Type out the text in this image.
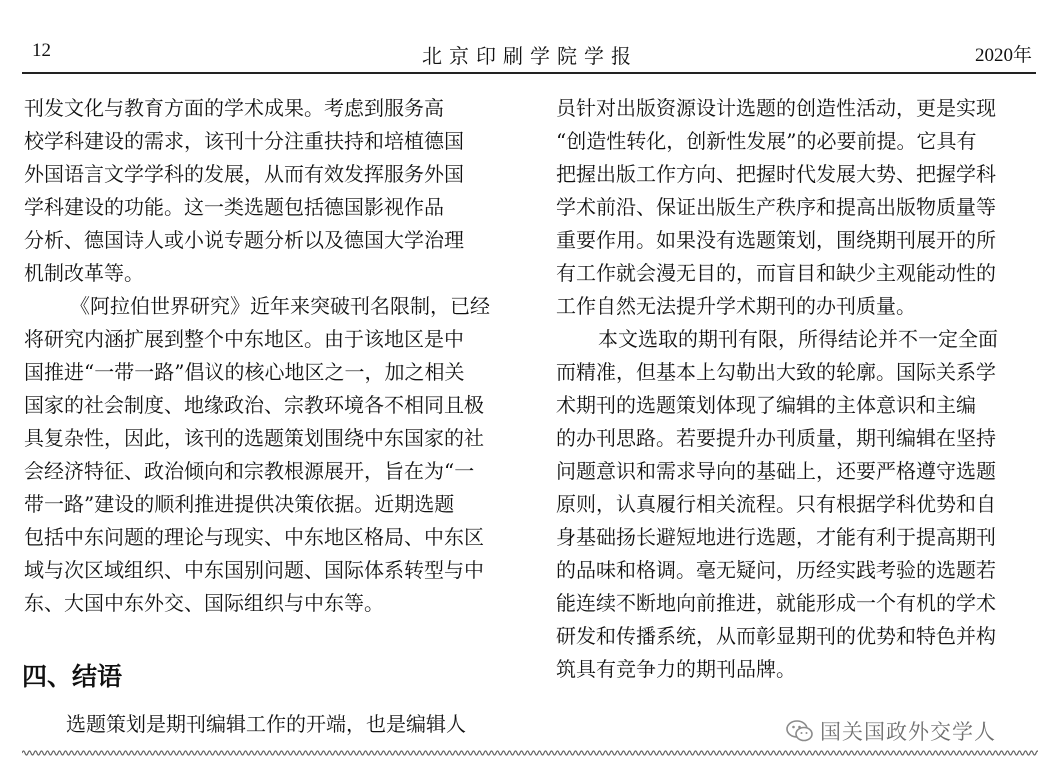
12	北京印刷学院学报	2020年
刊发文化与教育方面的学术成果。考虑到服务高
校学科建设的需求，该刊十分注重扶持和培植德国
外国语言文学学科的发展，从而有效发挥服务外国
学科建设的功能。这一类选题包括德国影视作品
分析、德国诗人或小说专题分析以及德国大学治理
机制改革等。
《阿拉伯世界研究》近年来突破刊名限制，已经
将研究内涵扩展到整个中东地区。由于该地区是中
国推进“一带一路”倡议的核心地区之一，加之相关
国家的社会制度、地缘政治、宗教环境各不相同且极
具复杂性，因此，该刊的选题策划围绕中东国家的社
会经济特征、政治倾向和宗教根源展开，旨在为“一
带一路”建设的顺利推进提供决策依据。近期选题
包括中东问题的理论与现实、中东地区格局、中东区
域与次区域组织、中东国别问题、国际体系转型与中
东、大国中东外交、国际组织与中东等。
四、结语
选题策划是期刊编辑工作的开端，也是编辑人
员针对出版资源设计选题的创造性活动，更是实现
“创造性转化，创新性发展”的必要前提。它具有
把握出版工作方向、把握时代发展大势、把握学科
学术前沿、保证出版生产秩序和提高出版物质量等
重要作用。如果没有选题策划，围绕期刊展开的所
有工作就会漫无目的，而盲目和缺少主观能动性的
工作自然无法提升学术期刊的办刊质量。
本文选取的期刊有限，所得结论并不一定全面
而精准，但基本上勾勒出大致的轮廓。国际关系学
术期刊的选题策划体现了编辑的主体意识和主编
的办刊思路。若要提升办刊质量，期刊编辑在坚持
问题意识和需求导向的基础上，还要严格遵守选题
原则，认真履行相关流程。只有根据学科优势和自
身基础扬长避短地进行选题，才能有利于提高期刊
的品味和格调。毫无疑问，历经实践考验的选题若
能连续不断地向前推进，就能形成一个有机的学术
研发和传播系统，从而彰显期刊的优势和特色并构
筑具有竞争力的期刊品牌。
国关国政外交学人
